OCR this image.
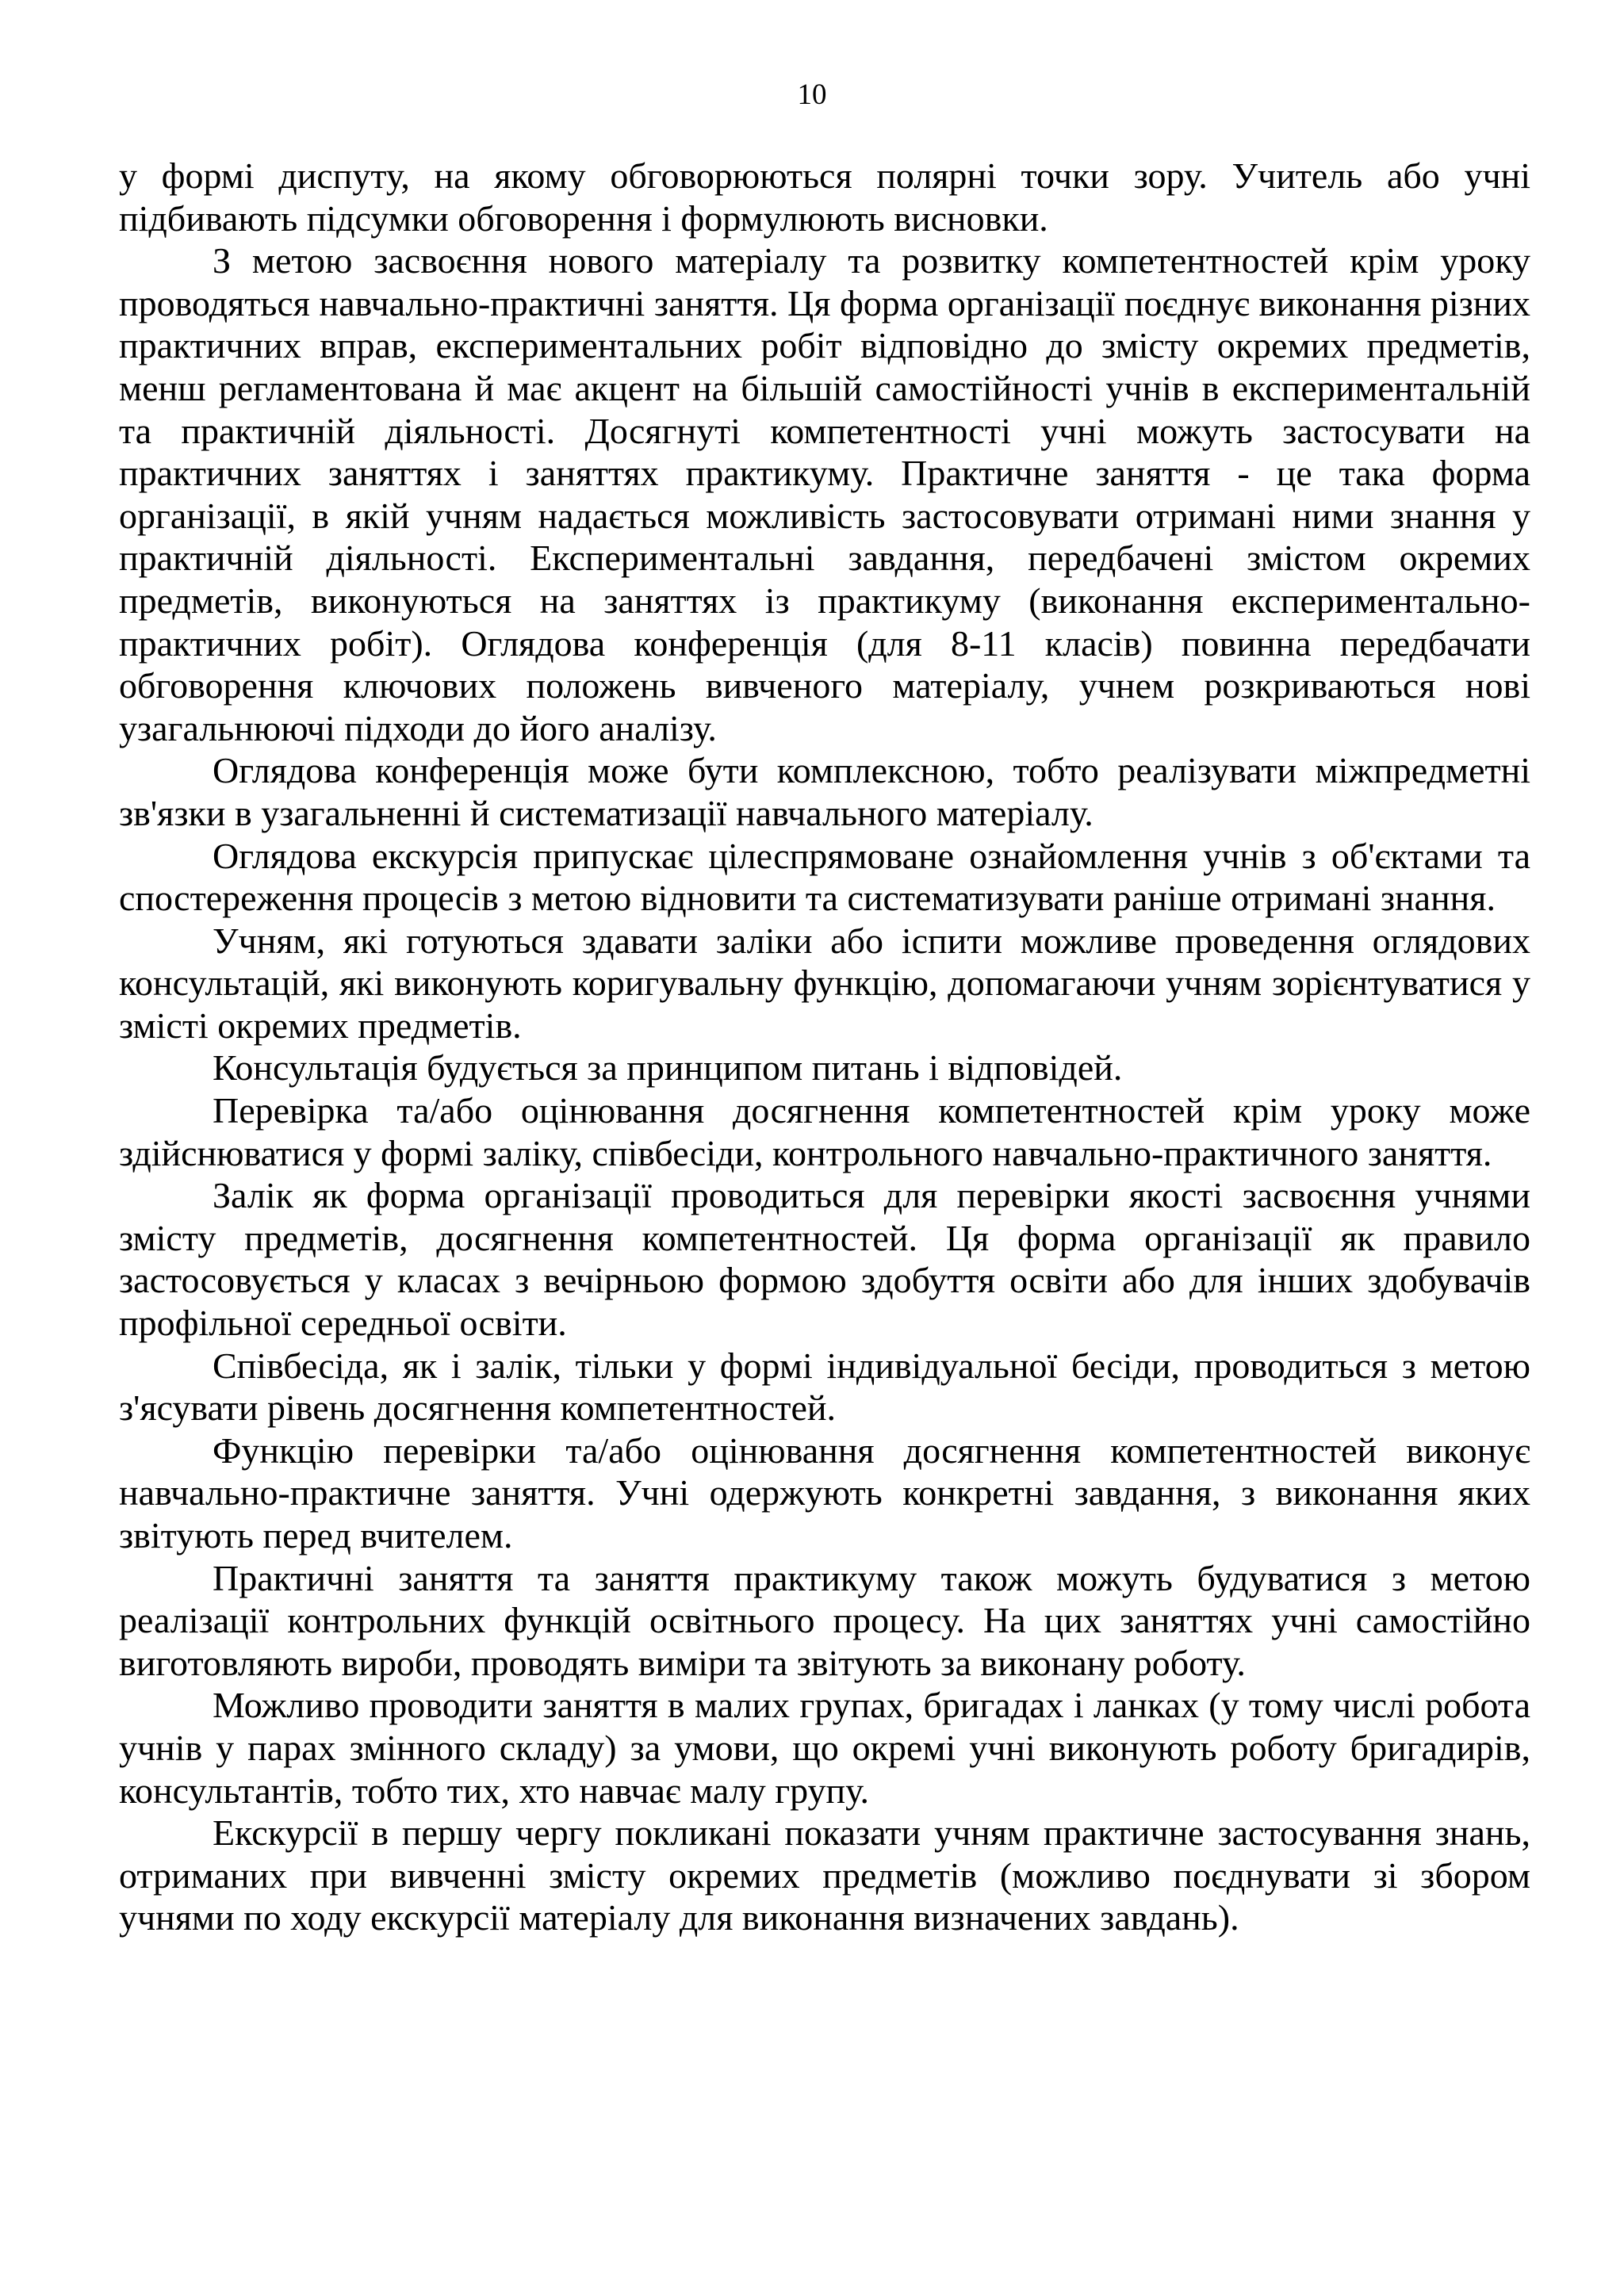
10

у формі диспуту, на якому обговорюються полярні точки зору. Учитель або учні підбивають підсумки обговорення і формулюють висновки.

З метою засвоєння нового матеріалу та розвитку компетентностей крім уроку проводяться навчально-практичні заняття. Ця форма організації поєднує виконання різних практичних вправ, експериментальних робіт відповідно до змісту окремих предметів, менш регламентована й має акцент на більшій самостійності учнів в експериментальній та практичній діяльності. Досягнуті компетентності учні можуть застосувати на практичних заняттях і заняттях практикуму. Практичне заняття - це така форма організації, в якій учням надається можливість застосовувати отримані ними знання у практичній діяльності. Експериментальні завдання, передбачені змістом окремих предметів, виконуються на заняттях із практикуму (виконання експериментально-практичних робіт). Оглядова конференція (для 8-11 класів) повинна передбачати обговорення ключових положень вивченого матеріалу, учнем розкриваються нові узагальнюючі підходи до його аналізу.

Оглядова конференція може бути комплексною, тобто реалізувати міжпредметні зв'язки в узагальненні й систематизації навчального матеріалу.

Оглядова екскурсія припускає цілеспрямоване ознайомлення учнів з об'єктами та спостереження процесів з метою відновити та систематизувати раніше отримані знання.

Учням, які готуються здавати заліки або іспити можливе проведення оглядових консультацій, які виконують коригувальну функцію, допомагаючи учням зорієнтуватися у змісті окремих предметів.

Консультація будується за принципом питань і відповідей.

Перевірка та/або оцінювання досягнення компетентностей крім уроку може здійснюватися у формі заліку, співбесіди, контрольного навчально-практичного заняття.

Залік як форма організації проводиться для перевірки якості засвоєння учнями змісту предметів, досягнення компетентностей. Ця форма організації як правило застосовується у класах з вечірньою формою здобуття освіти або для інших здобувачів профільної середньої освіти.

Співбесіда, як і залік, тільки у формі індивідуальної бесіди, проводиться з метою з'ясувати рівень досягнення компетентностей.

Функцію перевірки та/або оцінювання досягнення компетентностей виконує навчально-практичне заняття. Учні одержують конкретні завдання, з виконання яких звітують перед вчителем.

Практичні заняття та заняття практикуму також можуть будуватися з метою реалізації контрольних функцій освітнього процесу. На цих заняттях учні самостійно виготовляють вироби, проводять виміри та звітують за виконану роботу.

Можливо проводити заняття в малих групах, бригадах і ланках (у тому числі робота учнів у парах змінного складу) за умови, що окремі учні виконують роботу бригадирів, консультантів, тобто тих, хто навчає малу групу.

Екскурсії в першу чергу покликані показати учням практичне застосування знань, отриманих при вивченні змісту окремих предметів (можливо поєднувати зі збором учнями по ходу екскурсії матеріалу для виконання визначених завдань).
